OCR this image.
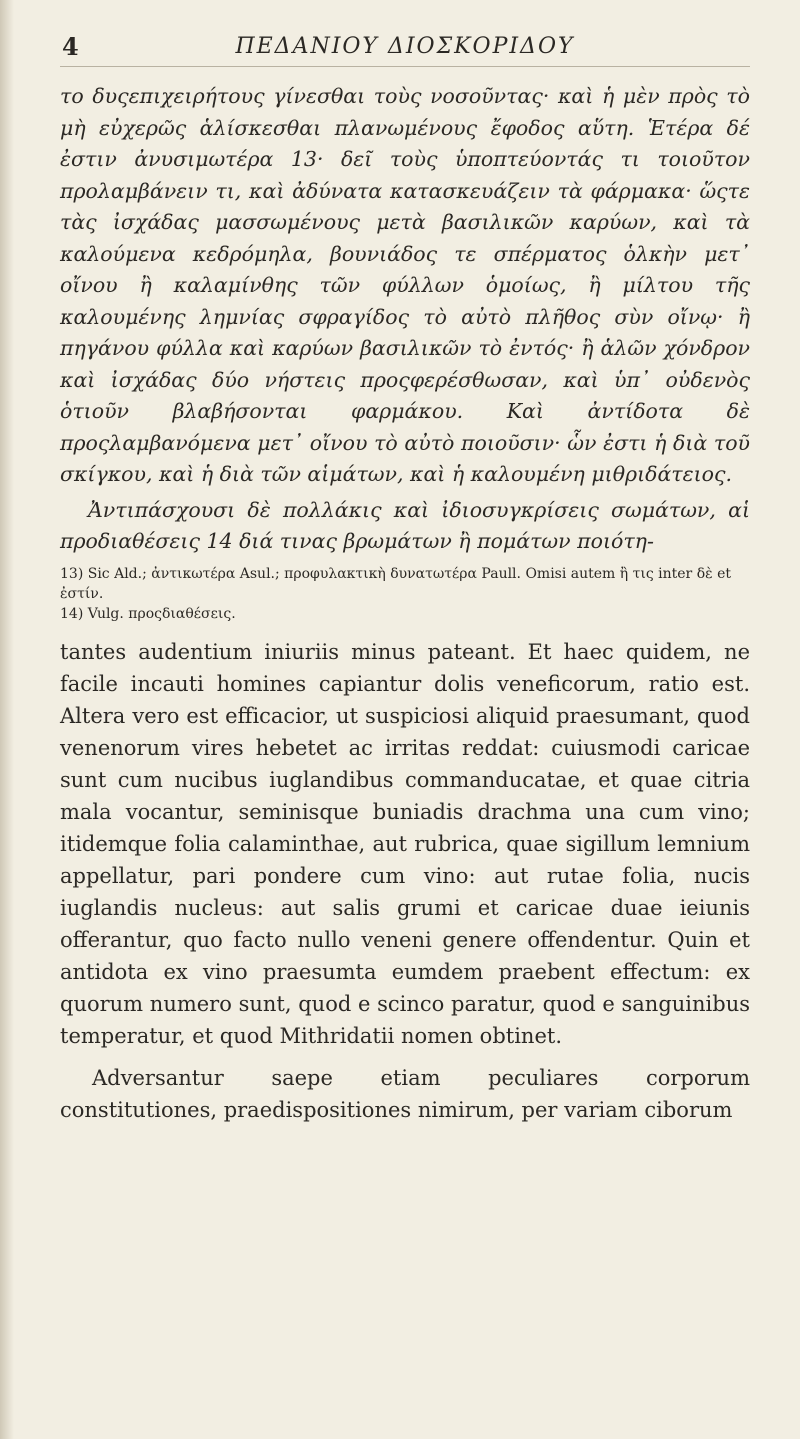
4	ΠΕΔΑΝΙΟΥ ΔΙΟΣΚΟΡΙΔΟΥ

το δυςεπιχειρήτους γίνεσθαι τοὺς νοσοῦντας· καὶ ἡ μὲν πρὸς τὸ μὴ εὐχερῶς ἁλίσκεσθαι πλανωμένους ἔφοδος αὕτη. Ἑτέρα δέ ἐστιν ἀνυσιμωτέρα 13· δεῖ τοὺς ὑποπτεύοντάς τι τοιοῦτον προλαμβάνειν τι, καὶ ἀδύνατα κατασκευάζειν τὰ φάρμακα· ὥςτε τὰς ἰσχάδας μασσωμένους μετὰ βασιλικῶν καρύων, καὶ τὰ καλούμενα κεδρόμηλα, βουνιάδος τε σπέρματος ὁλκὴν μετ᾽ οἴνου ἢ καλαμίνθης τῶν φύλλων ὁμοίως, ἢ μίλτου τῆς καλουμένης λημνίας σφραγίδος τὸ αὐτὸ πλῆθος σὺν οἴνῳ· ἢ πηγάνου φύλλα καὶ καρύων βασιλικῶν τὸ ἐντός· ἢ ἁλῶν χόνδρον καὶ ἰσχάδας δύο νήστεις προςφερέσθωσαν, καὶ ὑπ᾽ οὐδενὸς ὁτιοῦν βλαβήσονται φαρμάκου. Καὶ ἀντίδοτα δὲ προςλαμβανόμενα μετ᾽ οἴνου τὸ αὐτὸ ποιοῦσιν· ὧν ἐστι ἡ διὰ τοῦ σκίγκου, καὶ ἡ διὰ τῶν αἱμάτων, καὶ ἡ καλουμένη μιθριδάτειος.

Ἀντιπάσχουσι δὲ πολλάκις καὶ ἰδιοσυγκρίσεις σωμάτων, αἱ προδιαθέσεις 14 διά τινας βρωμάτων ἢ πομάτων ποιότη-

13) Sic Ald.; ἀντικωτέρα Asul.; προφυλακτικὴ δυνατωτέρα Paull. Omisi autem ἢ τις inter δὲ et ἐστίν.
14) Vulg. προςδιαθέσεις.

tantes audentium iniuriis minus pateant. Et haec quidem, ne facile incauti homines capiantur dolis veneficorum, ratio est. Altera vero est efficacior, ut suspiciosi aliquid praesumant, quod venenorum vires hebetet ac irritas reddat: cuiusmodi caricae sunt cum nucibus iuglandibus commanducatae, et quae citria mala vocantur, seminisque buniadis drachma una cum vino; itidemque folia calaminthae, aut rubrica, quae sigillum lemnium appellatur, pari pondere cum vino: aut rutae folia, nucis iuglandis nucleus: aut salis grumi et caricae duae ieiunis offerantur, quo facto nullo veneni genere offendentur. Quin et antidota ex vino praesumta eumdem praebent effectum: ex quorum numero sunt, quod e scinco paratur, quod e sanguinibus temperatur, et quod Mithridatii nomen obtinet.

Adversantur saepe etiam peculiares corporum constitutiones, praedispositiones nimirum, per variam ciborum
